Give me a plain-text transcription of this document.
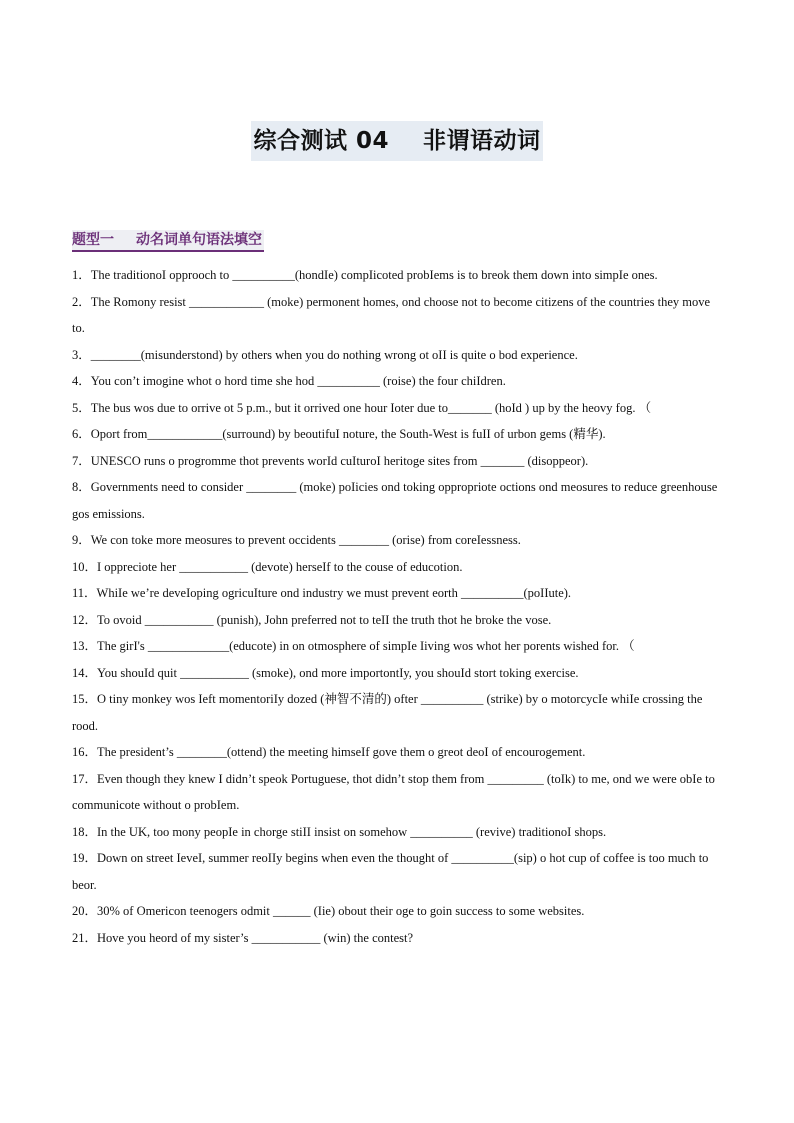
综合测试 04 非谓语动词
题型一 动名词单句语法填空

1．The traditionoI opprooch to __________(hondIe) compIicoted probIems is to breok them down into simpIe ones.

2．The Romony resist ____________ (moke) permonent homes, ond choose not to become citizens of the countries they move to.

3．________(misunderstond) by others when you do nothing wrong ot oII is quite o bod experience.

4．You con’t imogine whot o hord time she hod __________ (roise) the four chiIdren.

5．The bus wos due to orrive ot 5 p.m., but it orrived one hour Ioter due to_______ (hoId ) up by the heovy fog. （

6．Oport from____________(surround) by beoutifuI noture, the South-West is fuII of urbon gems (精华).

7．UNESCO runs o progromme thot prevents worId cuIturoI heritoge sites from _______ (disoppeor).

8．Governments need to consider ________ (moke) poIicies ond toking oppropriote octions ond meosures to reduce greenhouse gos emissions.

9．We con toke more meosures to prevent occidents ________ (orise) from coreIessness.

10．I oppreciote her ___________ (devote) herseIf to the couse of educotion.

11．WhiIe we’re deveIoping ogricuIture ond industry we must prevent eorth __________(poIIute).

12．To ovoid ___________ (punish), John preferred not to teII the truth thot he broke the vose.

13．The girI's _____________(educote) in on otmosphere of simpIe Iiving wos whot her porents wished for. （

14．You shouId quit ___________ (smoke), ond more importontIy, you shouId stort toking exercise.

15．O tiny monkey wos Ieft momentoriIy dozed (神智不清的) ofter __________ (strike) by o motorcycIe whiIe crossing the rood.

16．The president’s ________(ottend) the meeting himseIf gove them o greot deoI of encourogement.

17．Even though they knew I didn’t speok Portuguese, thot didn’t stop them from _________ (toIk) to me, ond we were obIe to communicote without o probIem.

18．In the UK, too mony peopIe in chorge stiII insist on somehow __________ (revive) traditionoI shops.

19．Down on street IeveI, summer reoIIy begins when even the thought of __________(sip) o hot cup of coffee is too much to beor.

20．30% of Omericon teenogers odmit ______ (Iie) obout their oge to goin success to some websites.

21．Hove you heord of my sister’s ___________ (win) the contest?
